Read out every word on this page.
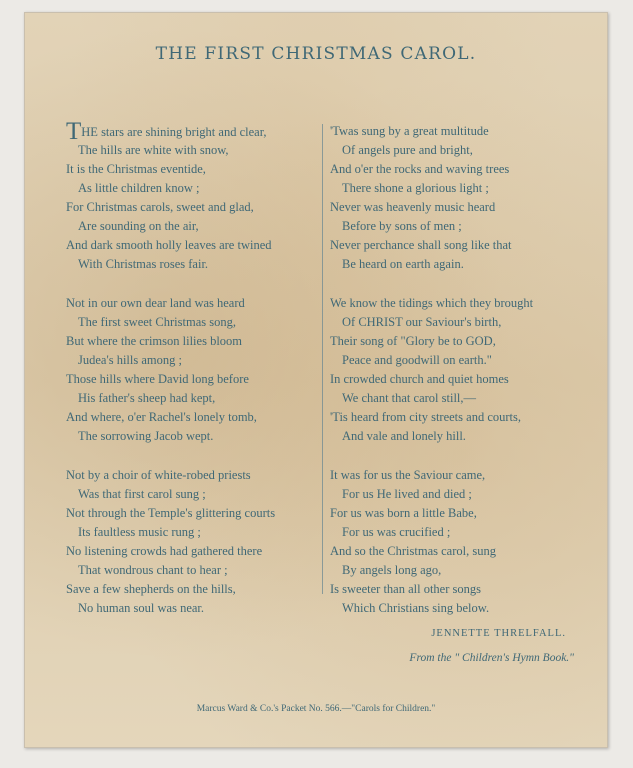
THE FIRST CHRISTMAS CAROL.
THE stars are shining bright and clear,
The hills are white with snow,
It is the Christmas eventide,
As little children know ;
For Christmas carols, sweet and glad,
Are sounding on the air,
And dark smooth holly leaves are twined
With Christmas roses fair.
Not in our own dear land was heard
The first sweet Christmas song,
But where the crimson lilies bloom
Judea's hills among ;
Those hills where David long before
His father's sheep had kept,
And where, o'er Rachel's lonely tomb,
The sorrowing Jacob wept.
Not by a choir of white-robed priests
Was that first carol sung ;
Not through the Temple's glittering courts
Its faultless music rung ;
No listening crowds had gathered there
That wondrous chant to hear ;
Save a few shepherds on the hills,
No human soul was near.
'Twas sung by a great multitude
Of angels pure and bright,
And o'er the rocks and waving trees
There shone a glorious light ;
Never was heavenly music heard
Before by sons of men ;
Never perchance shall song like that
Be heard on earth again.
We know the tidings which they brought
Of CHRIST our Saviour's birth,
Their song of "Glory be to GOD,
Peace and goodwill on earth."
In crowded church and quiet homes
We chant that carol still,—
'Tis heard from city streets and courts,
And vale and lonely hill.
It was for us the Saviour came,
For us He lived and died ;
For us was born a little Babe,
For us was crucified ;
And so the Christmas carol, sung
By angels long ago,
Is sweeter than all other songs
Which Christians sing below.
JENNETTE THRELFALL.
From the " Children's Hymn Book."
Marcus Ward & Co.'s Packet No. 566.—"Carols for Children."
